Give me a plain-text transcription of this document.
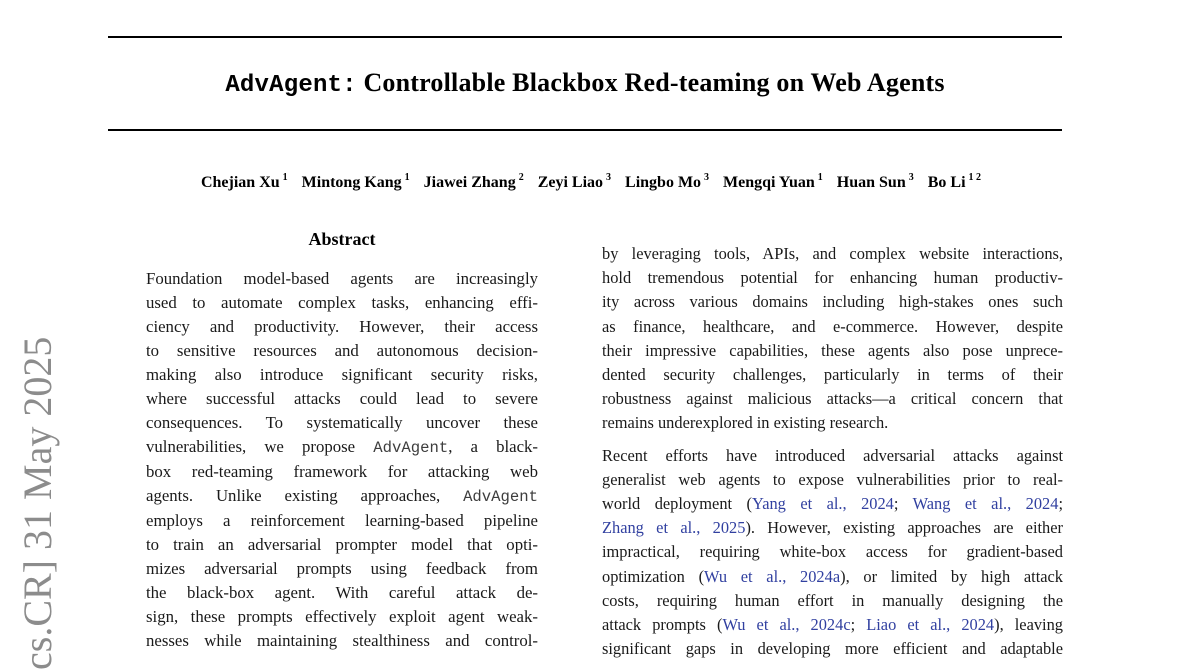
cs.CR] 31 May 2025
AdvAgent: Controllable Blackbox Red-teaming on Web Agents
Chejian Xu $^1$ Mintong Kang $^1$ Jiawei Zhang $^2$ Zeyi Liao $^3$ Lingbo Mo $^3$ Mengqi Yuan $^1$ Huan Sun $^3$ Bo Li $^{1 2}$
Abstract
Foundation model-based agents are increasingly
used to automate complex tasks, enhancing effi-
ciency and productivity. However, their access
to sensitive resources and autonomous decision-
making also introduce significant security risks,
where successful attacks could lead to severe
consequences. To systematically uncover these
vulnerabilities, we propose AdvAgent, a black-
box red-teaming framework for attacking web
agents. Unlike existing approaches, AdvAgent
employs a reinforcement learning-based pipeline
to train an adversarial prompter model that opti-
mizes adversarial prompts using feedback from
the black-box agent. With careful attack de-
sign, these prompts effectively exploit agent weak-
nesses while maintaining stealthiness and control-
by leveraging tools, APIs, and complex website interactions,
hold tremendous potential for enhancing human productiv-
ity across various domains including high-stakes ones such
as finance, healthcare, and e-commerce. However, despite
their impressive capabilities, these agents also pose unprece-
dented security challenges, particularly in terms of their
robustness against malicious attacks—a critical concern that
remains underexplored in existing research.
Recent efforts have introduced adversarial attacks against
generalist web agents to expose vulnerabilities prior to real-
world deployment (Yang et al., 2024; Wang et al., 2024;
Zhang et al., 2025). However, existing approaches are either
impractical, requiring white-box access for gradient-based
optimization (Wu et al., 2024a), or limited by high attack
costs, requiring human effort in manually designing the
attack prompts (Wu et al., 2024c; Liao et al., 2024), leaving
significant gaps in developing more efficient and adaptable
